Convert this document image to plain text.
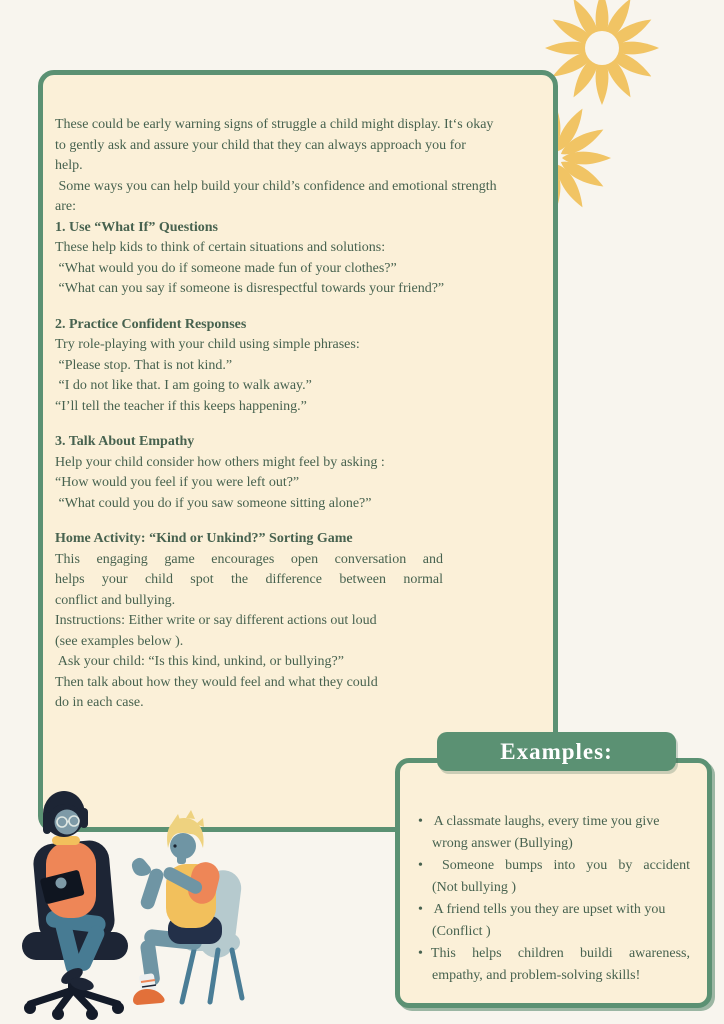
These could be early warning signs of struggle a child might display. It‘s okay
to gently ask and assure your child that they can always approach you for
help.
Some ways you can help build your child’s confidence and emotional strength
are:
1. Use “What If” Questions
These help kids to think of certain situations and solutions:
“What would you do if someone made fun of your clothes?”
“What can you say if someone is disrespectful towards your friend?”

2. Practice Confident Responses
Try role-playing with your child using simple phrases:
“Please stop. That is not kind.”
“I do not like that. I am going to walk away.”
“I’ll tell the teacher if this keeps happening.”

3. Talk About Empathy
Help your child consider how others might feel by asking :
“How would you feel if you were left out?”
“What could you do if you saw someone sitting alone?”

Home Activity: “Kind or Unkind?” Sorting Game
This engaging game encourages open conversation and
helps your child spot the difference between normal
conflict and bullying.
Instructions: Either write or say different actions out loud
(see examples below ).
Ask your child: “Is this kind, unkind, or bullying?”
Then talk about how they would feel and what they could
do in each case.
•  A classmate laughs, every time you give
wrong answer (Bullying)
• Someone bumps into you by accident
(Not bullying )
•  A friend tells you they are upset with you
(Conflict )
• This helps children buildi awareness,
empathy, and problem-solving skills!
Examples:
